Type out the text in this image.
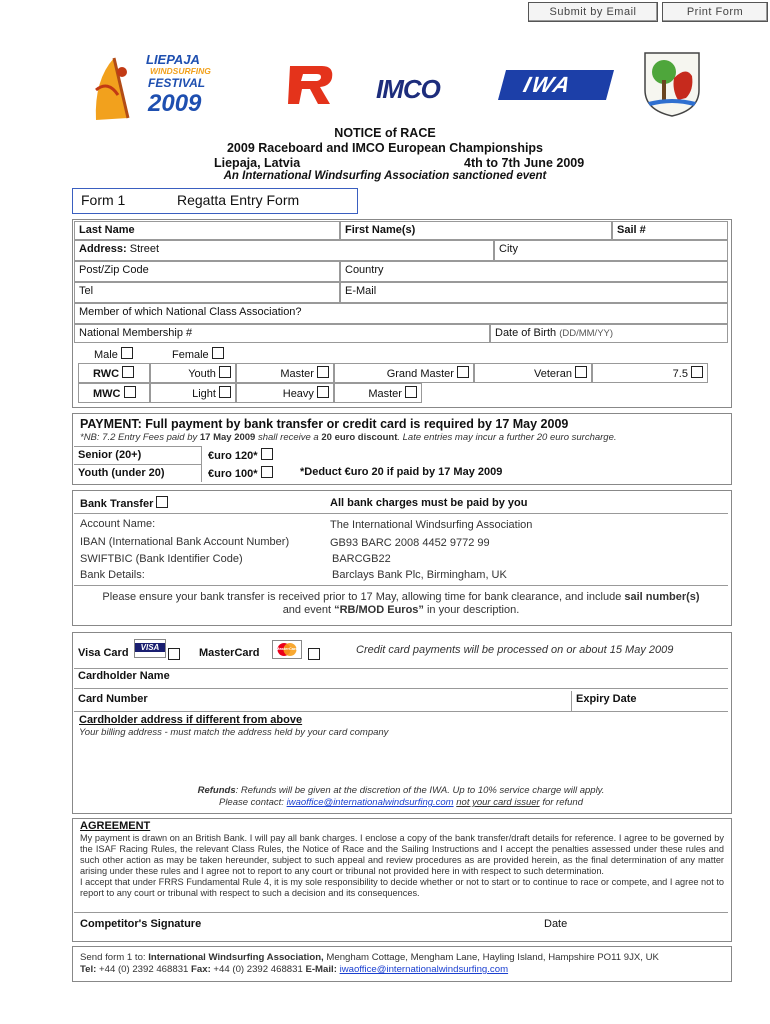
Submit by Email	Print Form
LIEPAJA
WINDSURFING
FESTIVAL
2009	IMCO	IWA
NOTICE of RACE
2009 Raceboard and IMCO European Championships
Liepaja, Latvia	4th to 7th June 2009
An International Windsurfing Association sanctioned event
Form 1	Regatta Entry Form
Last Name	First Name(s)	Sail #
Address: Street	City
Post/Zip Code	Country
Tel	E-Mail
Member of which National Class Association?
National Membership #	Date of Birth (DD/MM/YY)
Male	Female
RWC	Youth	Master	Grand Master	Veteran	7.5
MWC	Light	Heavy	Master
PAYMENT: Full payment by bank transfer or credit card is required by 17 May 2009
*NB: 7.2 Entry Fees paid by 17 May 2009 shall receive a 20 euro discount. Late entries may incur a further 20 euro surcharge.
Senior (20+)	€uro 120*
Youth (under 20)	€uro 100*	*Deduct €uro 20 if paid by 17 May 2009
Bank Transfer	All bank charges must be paid by you
Account Name:	The International Windsurfing Association
IBAN (International Bank Account Number)	GB93 BARC 2008 4452 9772 99
SWIFTBIC (Bank Identifier Code)	BARCGB22
Bank Details:	Barclays Bank Plc, Birmingham, UK
Please ensure your bank transfer is received prior to 17 May, allowing time for bank clearance, and include sail number(s)
and event “RB/MOD Euros” in your description.
Visa Card	VISA	MasterCard	MasterCard	Credit card payments will be processed on or about 15 May 2009
Cardholder Name
Card Number	Expiry Date
Cardholder address if different from above
Your billing address - must match the address held by your card company
Refunds: Refunds will be given at the discretion of the IWA. Up to 10% service charge will apply.
Please contact: iwaoffice@internationalwindsurfing.com not your card issuer for refund
AGREEMENT
My payment is drawn on an British Bank. I will pay all bank charges. I enclose a copy of the bank transfer/draft details for reference. I agree to be governed by the ISAF Racing Rules, the relevant Class Rules, the Notice of Race and the Sailing Instructions and I accept the penalties assessed under these rules and such other action as may be taken hereunder, subject to such appeal and review procedures as are provided herein, as the final determination of any matter arising under these rules and I agree not to report to any court or tribunal not provided here in with respect to such determination.
I accept that under FRRS Fundamental Rule 4, it is my sole responsibility to decide whether or not to start or to continue to race or compete, and I agree not to report to any court or tribunal with respect to such a decision and its consequences.
Competitor's Signature	Date
Send form 1 to: International Windsurfing Association, Mengham Cottage, Mengham Lane, Hayling Island, Hampshire PO11 9JX, UK
Tel: +44 (0) 2392 468831 Fax: +44 (0) 2392 468831 E-Mail: iwaoffice@internationalwindsurfing.com
